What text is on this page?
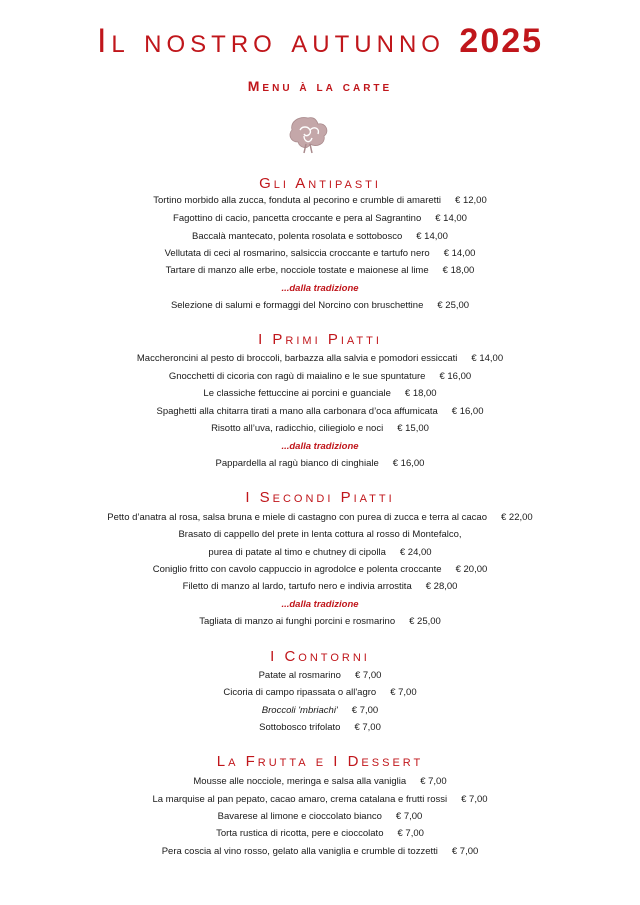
Il nostro autunno 2025
Menu à la carte
Gli Antipasti
Tortino morbido alla zucca, fonduta al pecorino e crumble di amaretti € 12,00
Fagottino di cacio, pancetta croccante e pera al Sagrantino € 14,00
Baccalà mantecato, polenta rosolata e sottobosco € 14,00
Vellutata di ceci al rosmarino, salsiccia croccante e tartufo nero € 14,00
Tartare di manzo alle erbe, nocciole tostate e maionese al lime € 18,00
...dalla tradizione
Selezione di salumi e formaggi del Norcino con bruschettine € 25,00
I Primi Piatti
Maccheroncini al pesto di broccoli, barbazza alla salvia e pomodori essiccati € 14,00
Gnocchetti di cicoria con ragù di maialino e le sue spuntature € 16,00
Le classiche fettuccine ai porcini e guanciale € 18,00
Spaghetti alla chitarra tirati a mano alla carbonara d’oca affumicata € 16,00
Risotto all’uva, radicchio, ciliegiolo e noci € 15,00
...dalla tradizione
Pappardella al ragù bianco di cinghiale € 16,00
I Secondi Piatti
Petto d’anatra al rosa, salsa bruna e miele di castagno con purea di zucca e terra al cacao € 22,00
Brasato di cappello del prete in lenta cottura al rosso di Montefalco,
purea di patate al timo e chutney di cipolla € 24,00
Coniglio fritto con cavolo cappuccio in agrodolce e polenta croccante € 20,00
Filetto di manzo al lardo, tartufo nero e indivia arrostita € 28,00
...dalla tradizione
Tagliata di manzo ai funghi porcini e rosmarino € 25,00
I Contorni
Patate al rosmarino € 7,00
Cicoria di campo ripassata o all'agro € 7,00
Broccoli 'mbriachi' € 7,00
Sottobosco trifolato € 7,00
La Frutta e I Dessert
Mousse alle nocciole, meringa e salsa alla vaniglia € 7,00
La marquise al pan pepato, cacao amaro, crema catalana e frutti rossi € 7,00
Bavarese al limone e cioccolato bianco € 7,00
Torta rustica di ricotta, pere e cioccolato € 7,00
Pera coscia al vino rosso, gelato alla vaniglia e crumble di tozzetti € 7,00
